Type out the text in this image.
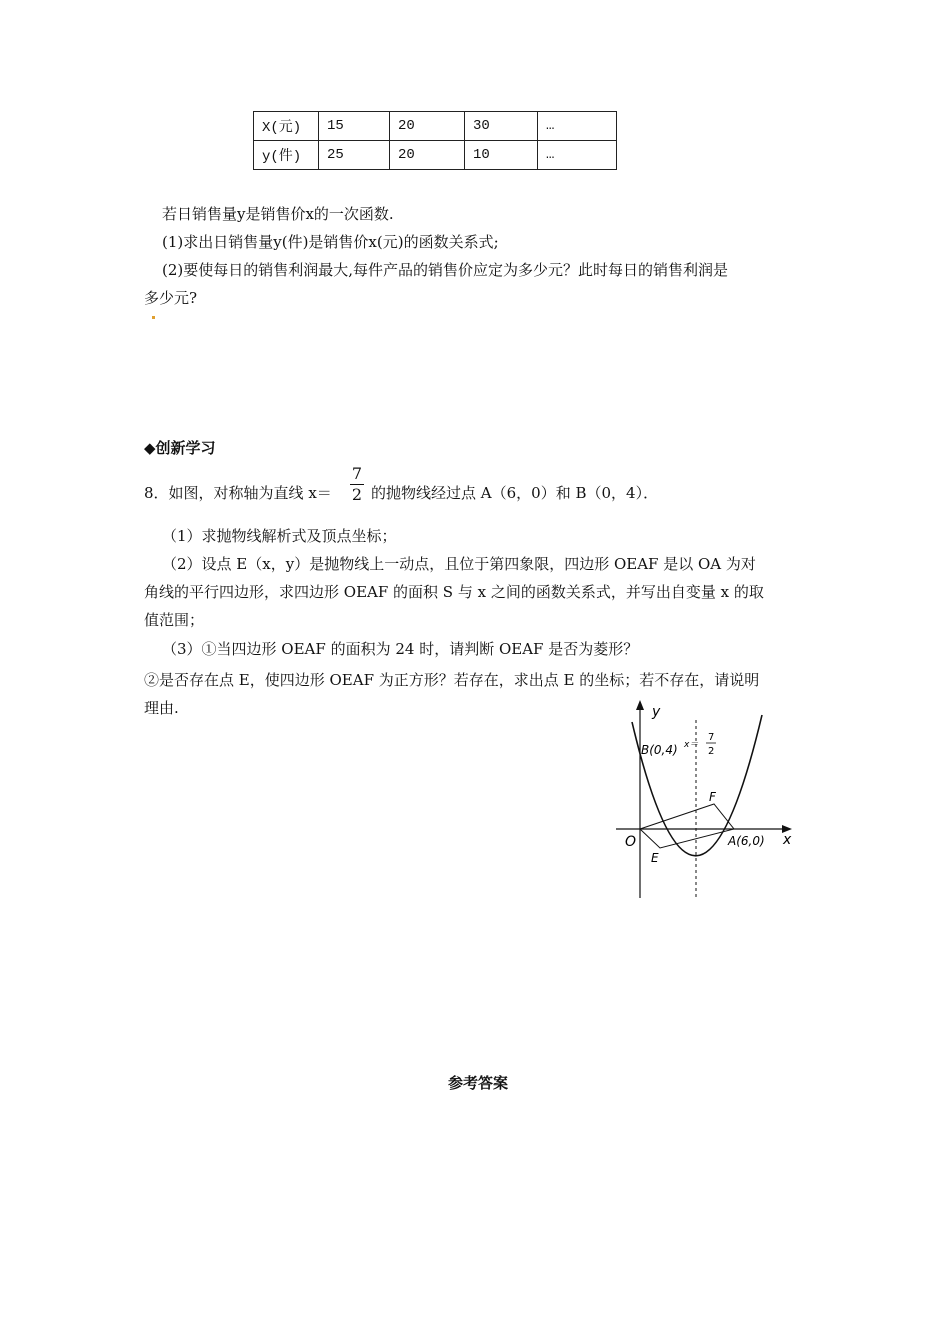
X(元)	15	20	30	…
y(件)	25	20	10	…
若日销售量y是销售价x的一次函数.
(1)求出日销售量y(件)是销售价x(元)的函数关系式;
(2)要使每日的销售利润最大,每件产品的销售价应定为多少元？此时每日的销售利润是
多少元?
◆创新学习
8．如图，对称轴为直线 x＝
7
2 的抛物线经过点 A（6，0）和 B（0，4）．
（1）求抛物线解析式及顶点坐标；
（2）设点 E（x，y）是抛物线上一动点，且位于第四象限，四边形 OEAF 是以 OA 为对
角线的平行四边形，求四边形 OEAF 的面积 S 与 x 之间的函数关系式，并写出自变量 x 的取
值范围；
（3）①当四边形 OEAF 的面积为 24 时，请判断 OEAF 是否为菱形？
②是否存在点 E，使四边形 OEAF 为正方形？若存在，求出点 E 的坐标；若不存在，请说明
理由.	y
x
x＝
7
2
B(0,4)
A(6,0)
O
E
F
参考答案
